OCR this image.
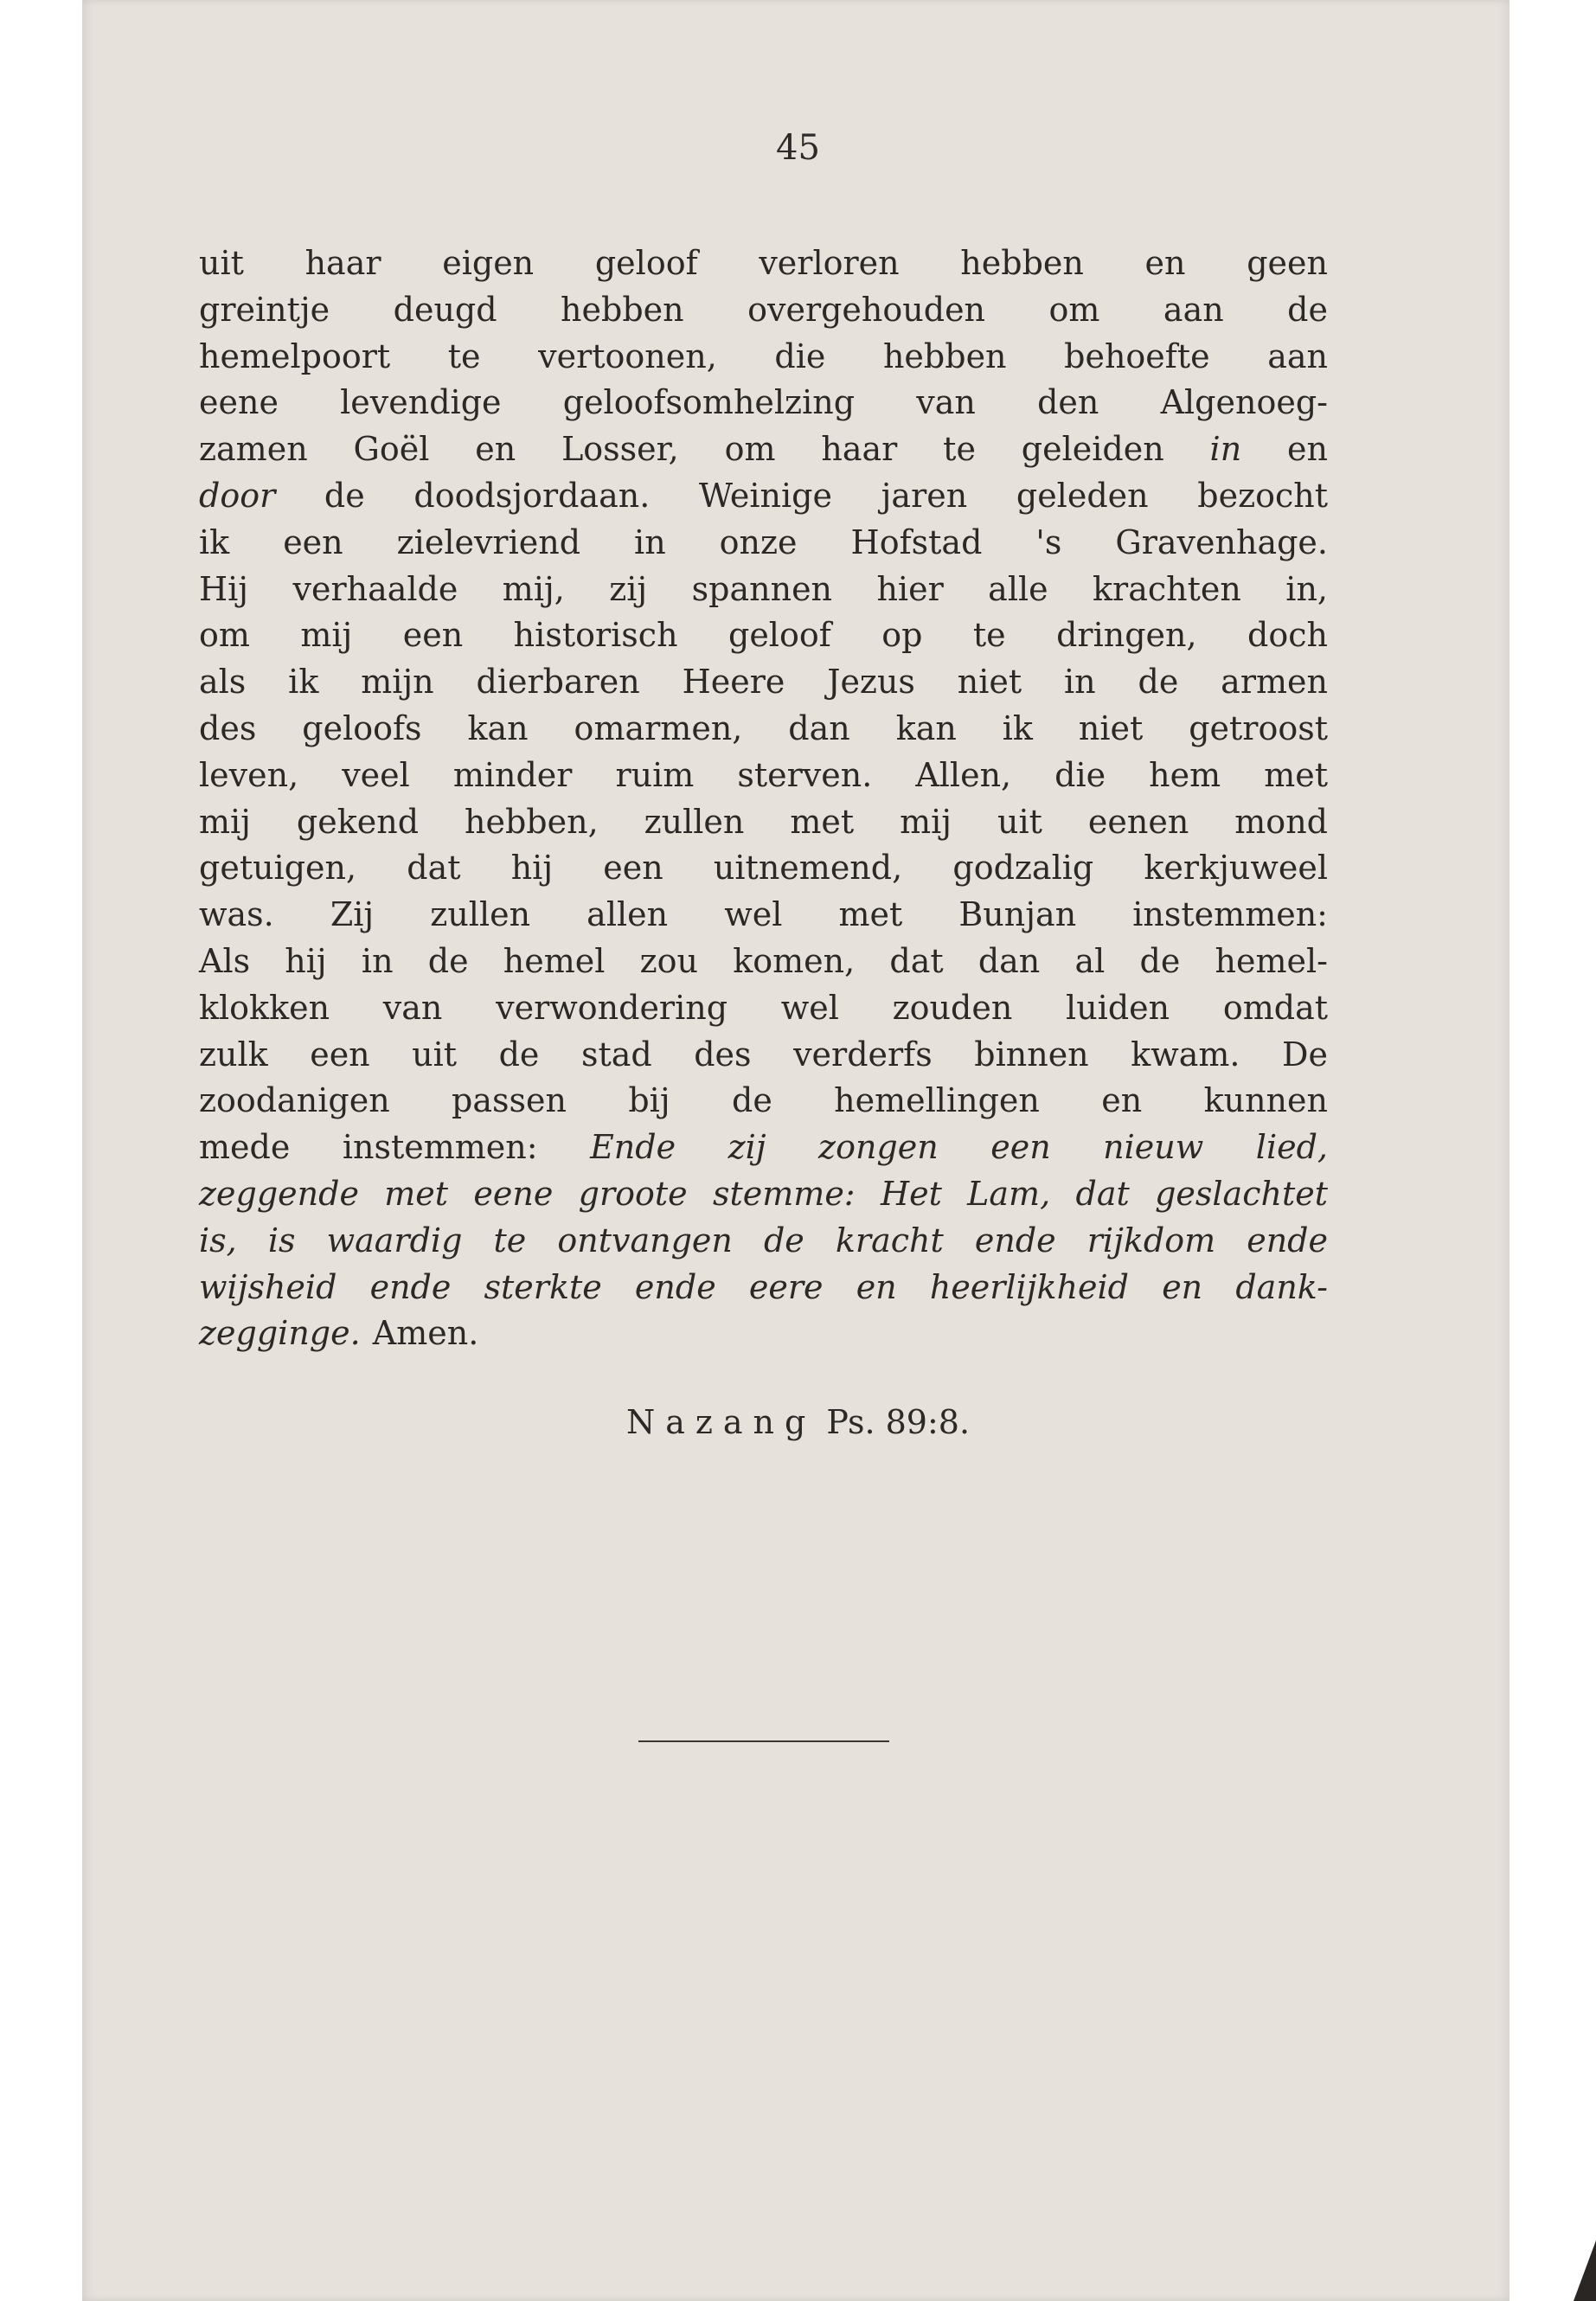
45
uit haar eigen geloof verloren hebben en geen
greintje deugd hebben overgehouden om aan de
hemelpoort te vertoonen, die hebben behoefte aan
eene levendige geloofsomhelzing van den Algenoeg-
zamen Goël en Losser, om haar te geleiden in en
door de doodsjordaan. Weinige jaren geleden bezocht
ik een zielevriend in onze Hofstad 's Gravenhage.
Hij verhaalde mij, zij spannen hier alle krachten in,
om mij een historisch geloof op te dringen, doch
als ik mijn dierbaren Heere Jezus niet in de armen
des geloofs kan omarmen, dan kan ik niet getroost
leven, veel minder ruim sterven. Allen, die hem met
mij gekend hebben, zullen met mij uit eenen mond
getuigen, dat hij een uitnemend, godzalig kerkjuweel
was. Zij zullen allen wel met Bunjan instemmen:
Als hij in de hemel zou komen, dat dan al de hemel-
klokken van verwondering wel zouden luiden omdat
zulk een uit de stad des verderfs binnen kwam. De
zoodanigen passen bij de hemellingen en kunnen
mede instemmen: Ende zij zongen een nieuw lied,
zeggende met eene groote stemme: Het Lam, dat geslachtet
is, is waardig te ontvangen de kracht ende rijkdom ende
wijsheid ende sterkte ende eere en heerlijkheid en dank-
zegginge. Amen.
Nazang Ps. 89:8.
